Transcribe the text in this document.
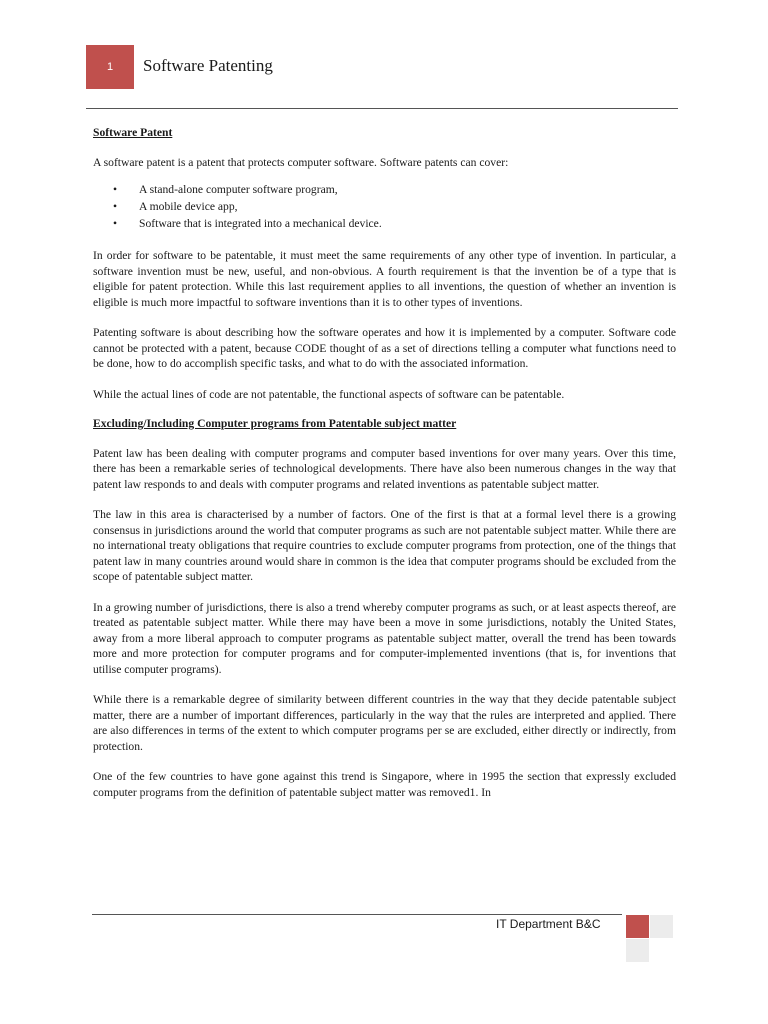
1 Software Patenting

Software Patent

A software patent is a patent that protects computer software. Software patents can cover:

• A stand-alone computer software program,
• A mobile device app,
• Software that is integrated into a mechanical device.

In order for software to be patentable, it must meet the same requirements of any other type of invention. In particular, a software invention must be new, useful, and non-obvious. A fourth requirement is that the invention be of a type that is eligible for patent protection. While this last requirement applies to all inventions, the question of whether an invention is eligible is much more impactful to software inventions than it is to other types of inventions.

Patenting software is about describing how the software operates and how it is implemented by a computer. Software code cannot be protected with a patent, because CODE thought of as a set of directions telling a computer what functions need to be done, how to do accomplish specific tasks, and what to do with the associated information.

While the actual lines of code are not patentable, the functional aspects of software can be patentable.

Excluding/Including Computer programs from Patentable subject matter

Patent law has been dealing with computer programs and computer based inventions for over many years. Over this time, there has been a remarkable series of technological developments. There have also been numerous changes in the way that patent law responds to and deals with computer programs and related inventions as patentable subject matter.

The law in this area is characterised by a number of factors. One of the first is that at a formal level there is a growing consensus in jurisdictions around the world that computer programs as such are not patentable subject matter. While there are no international treaty obligations that require countries to exclude computer programs from protection, one of the things that patent law in many countries around would share in common is the idea that computer programs should be excluded from the scope of patentable subject matter.

In a growing number of jurisdictions, there is also a trend whereby computer programs as such, or at least aspects thereof, are treated as patentable subject matter. While there may have been a move in some jurisdictions, notably the United States, away from a more liberal approach to computer programs as patentable subject matter, overall the trend has been towards more and more protection for computer programs and for computer-implemented inventions (that is, for inventions that utilise computer programs).

While there is a remarkable degree of similarity between different countries in the way that they decide patentable subject matter, there are a number of important differences, particularly in the way that the rules are interpreted and applied. There are also differences in terms of the extent to which computer programs per se are excluded, either directly or indirectly, from protection.

One of the few countries to have gone against this trend is Singapore, where in 1995 the section that expressly excluded computer programs from the definition of patentable subject matter was removed1. In

IT Department B&C
